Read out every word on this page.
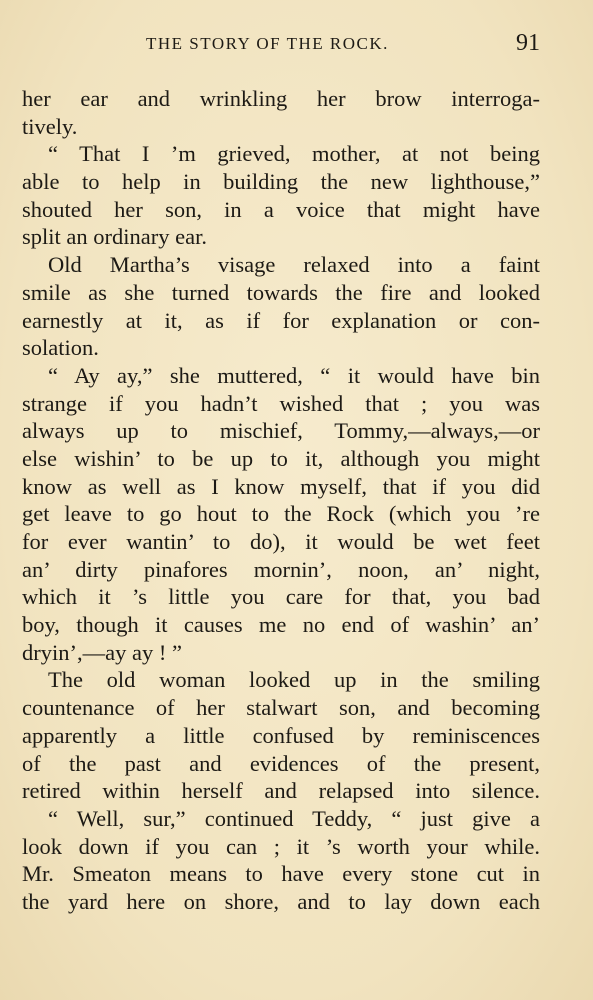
THE STORY OF THE ROCK.	91
her ear and wrinkling her brow interroga-
tively.
“ That I ’m grieved, mother, at not being
able to help in building the new lighthouse,”
shouted her son, in a voice that might have
split an ordinary ear.
Old Martha’s visage relaxed into a faint
smile as she turned towards the fire and looked
earnestly at it, as if for explanation or con-
solation.
“ Ay ay,” she muttered, “ it would have bin
strange if you hadn’t wished that ; you was
always up to mischief, Tommy,—always,—or
else wishin’ to be up to it, although you might
know as well as I know myself, that if you did
get leave to go hout to the Rock (which you ’re
for ever wantin’ to do), it would be wet feet
an’ dirty pinafores mornin’, noon, an’ night,
which it ’s little you care for that, you bad
boy, though it causes me no end of washin’ an’
dryin’,—ay ay ! ”
The old woman looked up in the smiling
countenance of her stalwart son, and becoming
apparently a little confused by reminiscences
of the past and evidences of the present,
retired within herself and relapsed into silence.
“ Well, sur,” continued Teddy, “ just give a
look down if you can ; it ’s worth your while.
Mr. Smeaton means to have every stone cut in
the yard here on shore, and to lay down each
